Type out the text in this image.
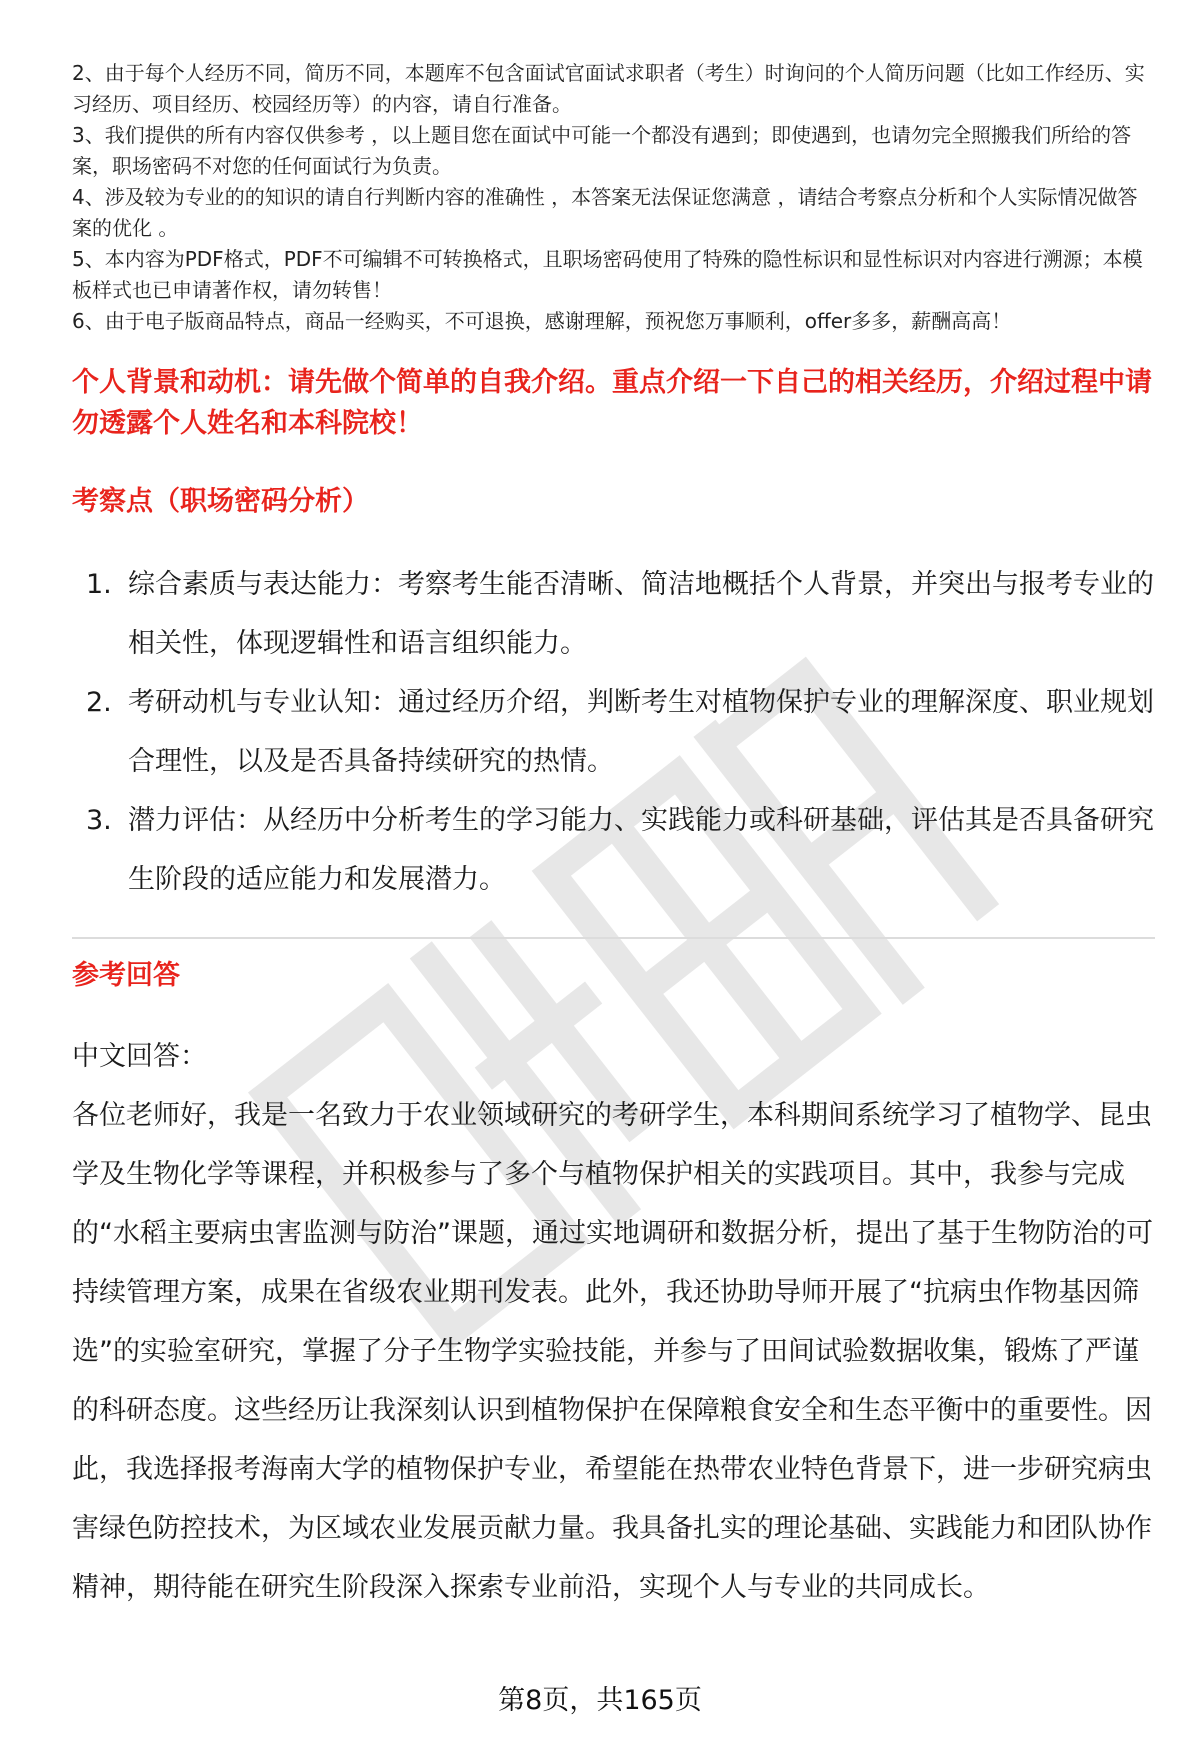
2、由于每个人经历不同，简历不同，本题库不包含面试官面试求职者（考生）时询问的个人简历问题（比如工作经历、实习经历、项目经历、校园经历等）的内容，请自行准备。

3、我们提供的所有内容仅供参考 ，以上题目您在面试中可能一个都没有遇到；即使遇到，也请勿完全照搬我们所给的答案，职场密码不对您的任何面试行为负责。

4、涉及较为专业的的知识的请自行判断内容的准确性 ，本答案无法保证您满意 ，请结合考察点分析和个人实际情况做答案的优化 。

5、本内容为PDF格式，PDF不可编辑不可转换格式，且职场密码使用了特殊的隐性标识和显性标识对内容进行溯源；本模板样式也已申请著作权，请勿转售！

6、由于电子版商品特点，商品一经购买，不可退换，感谢理解，预祝您万事顺利，offer多多，薪酬高高！

个人背景和动机：请先做个简单的自我介绍。重点介绍一下自己的相关经历，介绍过程中请勿透露个人姓名和本科院校！
考察点（职场密码分析）
1. 综合素质与表达能力：考察考生能否清晰、简洁地概括个人背景，并突出与报考专业的相关性，体现逻辑性和语言组织能力。
2. 考研动机与专业认知：通过经历介绍，判断考生对植物保护专业的理解深度、职业规划合理性，以及是否具备持续研究的热情。
3. 潜力评估：从经历中分析考生的学习能力、实践能力或科研基础，评估其是否具备研究生阶段的适应能力和发展潜力。
参考回答

中文回答：

各位老师好，我是一名致力于农业领域研究的考研学生，本科期间系统学习了植物学、昆虫学及生物化学等课程，并积极参与了多个与植物保护相关的实践项目。其中，我参与完成的“水稻主要病虫害监测与防治”课题，通过实地调研和数据分析，提出了基于生物防治的可持续管理方案，成果在省级农业期刊发表。此外，我还协助导师开展了“抗病虫作物基因筛选”的实验室研究，掌握了分子生物学实验技能，并参与了田间试验数据收集，锻炼了严谨的科研态度。这些经历让我深刻认识到植物保护在保障粮食安全和生态平衡中的重要性。因此，我选择报考海南大学的植物保护专业，希望能在热带农业特色背景下，进一步研究病虫害绿色防控技术，为区域农业发展贡献力量。我具备扎实的理论基础、实践能力和团队协作精神，期待能在研究生阶段深入探索专业前沿，实现个人与专业的共同成长。

第8页，共165页
